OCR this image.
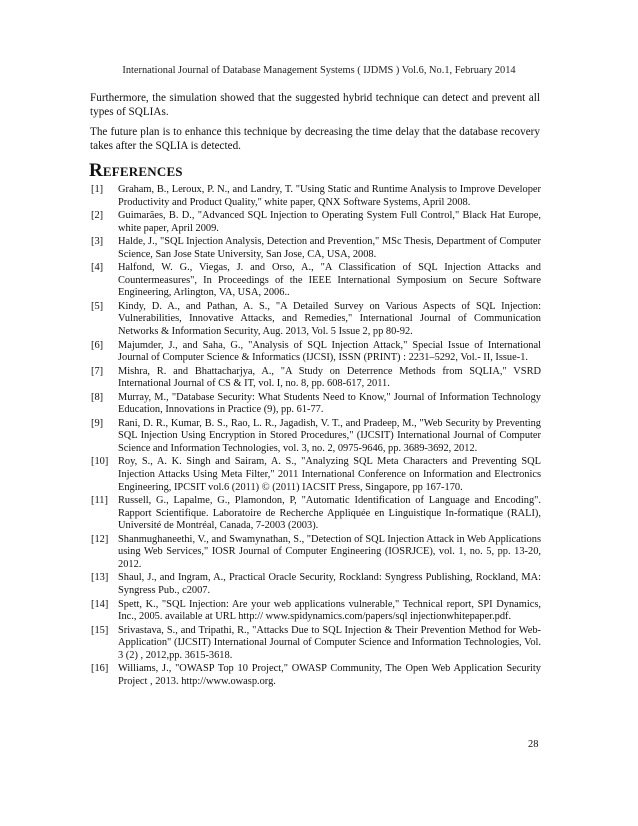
International Journal of Database Management Systems ( IJDMS ) Vol.6, No.1, February 2014

Furthermore, the simulation showed that the suggested hybrid technique can detect and prevent all types of SQLIAs.

The future plan is to enhance this technique by decreasing the time delay that the database recovery takes after the SQLIA is detected.

REFERENCES
[1]	Graham, B., Leroux, P. N., and Landry, T. "Using Static and Runtime Analysis to Improve Developer Productivity and Product Quality," white paper, QNX Software Systems, April 2008.
[2]	Guimarães, B. D., "Advanced SQL Injection to Operating System Full Control," Black Hat Europe, white paper, April 2009.
[3]	Halde, J., "SQL Injection Analysis, Detection and Prevention," MSc Thesis, Department of Computer Science, San Jose State University, San Jose, CA, USA, 2008.
[4]	Halfond, W. G., Viegas, J. and Orso, A., "A Classification of SQL Injection Attacks and Countermeasures", In Proceedings of the IEEE International Symposium on Secure Software Engineering, Arlington, VA, USA, 2006..
[5]	Kindy, D. A., and Pathan, A. S., "A Detailed Survey on Various Aspects of SQL Injection: Vulnerabilities, Innovative Attacks, and Remedies," International Journal of Communication Networks & Information Security, Aug. 2013, Vol. 5 Issue 2, pp 80-92.
[6]	Majumder, J., and Saha, G., "Analysis of SQL Injection Attack," Special Issue of International Journal of Computer Science & Informatics (IJCSI), ISSN (PRINT) : 2231–5292, Vol.- II, Issue-1.
[7]	Mishra, R. and Bhattacharjya, A., "A Study on Deterrence Methods from SQLIA," VSRD International Journal of CS & IT, vol. I, no. 8, pp. 608-617, 2011.
[8]	Murray, M., "Database Security: What Students Need to Know," Journal of Information Technology Education, Innovations in Practice (9), pp. 61-77.
[9]	Rani, D. R., Kumar, B. S., Rao, L. R., Jagadish, V. T., and Pradeep, M., "Web Security by Preventing SQL Injection Using Encryption in Stored Procedures," (IJCSIT) International Journal of Computer Science and Information Technologies, vol. 3, no. 2, 0975-9646, pp. 3689-3692, 2012.
[10] Roy, S., A. K. Singh and Sairam, A. S., "Analyzing SQL Meta Characters and Preventing SQL Injection Attacks Using Meta Filter," 2011 International Conference on Information and Electronics Engineering, IPCSIT vol.6 (2011) © (2011) IACSIT Press, Singapore, pp 167-170.
[11] Russell, G., Lapalme, G., Plamondon, P, "Automatic Identification of Language and Encoding". Rapport Scientifique. Laboratoire de Recherche Appliquée en Linguistique In-formatique (RALI), Université de Montréal, Canada, 7-2003 (2003).
[12] Shanmughaneethi, V., and Swamynathan, S., "Detection of SQL Injection Attack in Web Applications using Web Services," IOSR Journal of Computer Engineering (IOSRJCE), vol. 1, no. 5, pp. 13-20, 2012.
[13] Shaul, J., and Ingram, A., Practical Oracle Security, Rockland: Syngress Publishing, Rockland, MA: Syngress Pub., c2007.
[14] Spett, K., "SQL Injection: Are your web applications vulnerable," Technical report, SPI Dynamics, Inc., 2005. available at URL http:// www.spidynamics.com/papers/sql injectionwhitepaper.pdf.
[15] Srivastava, S., and Tripathi, R., "Attacks Due to SQL Injection & Their Prevention Method for Web-Application" (IJCSIT) International Journal of Computer Science and Information Technologies, Vol. 3 (2) , 2012,pp. 3615-3618.
[16] Williams, J., "OWASP Top 10 Project," OWASP Community, The Open Web Application Security Project , 2013. http://www.owasp.org.
28
